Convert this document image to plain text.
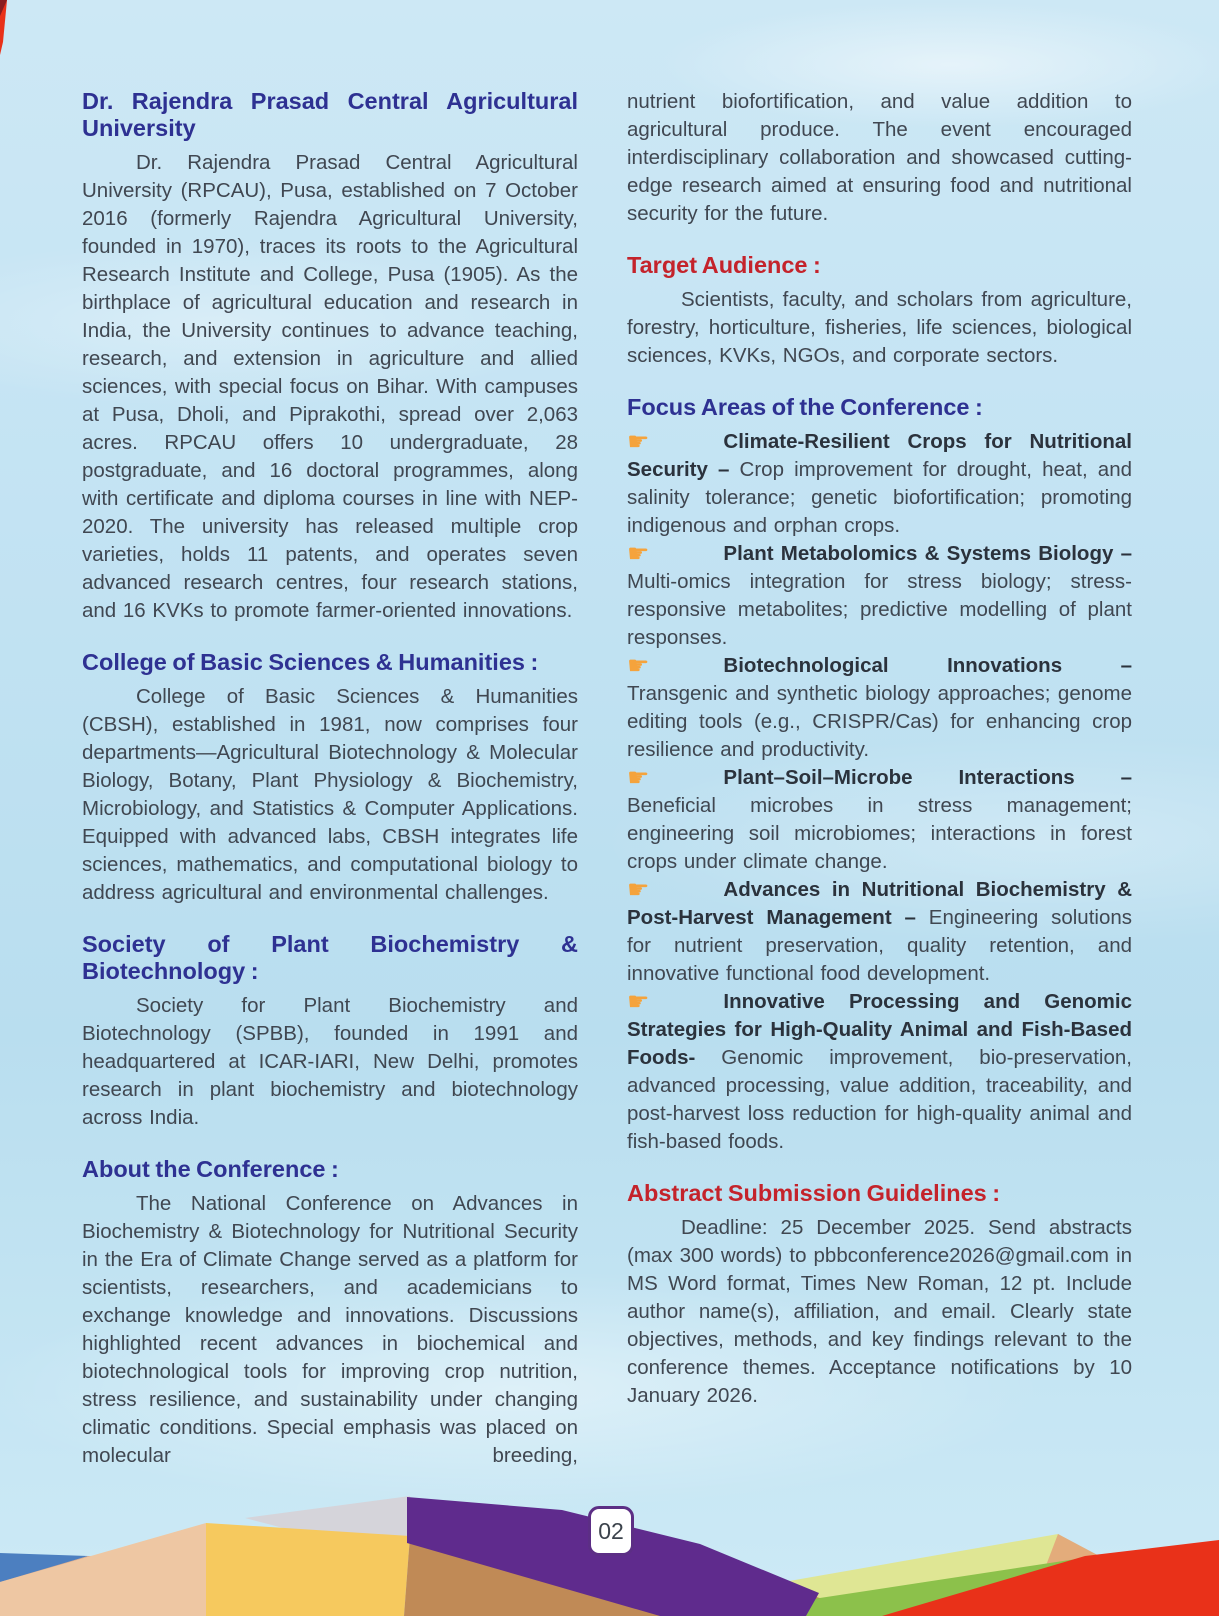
Dr. Rajendra Prasad Central Agricultural University

Dr. Rajendra Prasad Central Agricultural University (RPCAU), Pusa, established on 7 October 2016 (formerly Rajendra Agricultural University, founded in 1970), traces its roots to the Agricultural Research Institute and College, Pusa (1905). As the birthplace of agricultural education and research in India, the University continues to advance teaching, research, and extension in agriculture and allied sciences, with special focus on Bihar. With campuses at Pusa, Dholi, and Piprakothi, spread over 2,063 acres. RPCAU offers 10 undergraduate, 28 postgraduate, and 16 doctoral programmes, along with certificate and diploma courses in line with NEP-2020. The university has released multiple crop varieties, holds 11 patents, and operates seven advanced research centres, four research stations, and 16 KVKs to promote farmer-oriented innovations.

College of Basic Sciences & Humanities :

College of Basic Sciences & Humanities (CBSH), established in 1981, now comprises four departments—Agricultural Biotechnology & Molecular Biology, Botany, Plant Physiology & Biochemistry, Microbiology, and Statistics & Computer Applications. Equipped with advanced labs, CBSH integrates life sciences, mathematics, and computational biology to address agricultural and environmental challenges.

Society of Plant Biochemistry & Biotechnology :

Society for Plant Biochemistry and Biotechnology (SPBB), founded in 1991 and headquartered at ICAR-IARI, New Delhi, promotes research in plant biochemistry and biotechnology across India.

About the Conference :

The National Conference on Advances in Biochemistry & Biotechnology for Nutritional Security in the Era of Climate Change served as a platform for scientists, researchers, and academicians to exchange knowledge and innovations. Discussions highlighted recent advances in biochemical and biotechnological tools for improving crop nutrition, stress resilience, and sustainability under changing climatic conditions. Special emphasis was placed on molecular breeding,

nutrient biofortification, and value addition to agricultural produce. The event encouraged interdisciplinary collaboration and showcased cutting-edge research aimed at ensuring food and nutritional security for the future.

Target Audience :

Scientists, faculty, and scholars from agriculture, forestry, horticulture, fisheries, life sciences, biological sciences, KVKs, NGOs, and corporate sectors.

Focus Areas of the Conference :

☛	Climate-Resilient Crops for Nutritional Security – Crop improvement for drought, heat, and salinity tolerance; genetic biofortification; promoting indigenous and orphan crops.

☛	Plant Metabolomics & Systems Biology – Multi-omics integration for stress biology; stress-responsive metabolites; predictive modelling of plant responses.

☛	Biotechnological Innovations – Transgenic and synthetic biology approaches; genome editing tools (e.g., CRISPR/Cas) for enhancing crop resilience and productivity.

☛	Plant–Soil–Microbe Interactions – Beneficial microbes in stress management; engineering soil microbiomes; interactions in forest crops under climate change.

☛	Advances in Nutritional Biochemistry & Post-Harvest Management – Engineering solutions for nutrient preservation, quality retention, and innovative functional food development.

☛	Innovative Processing and Genomic Strategies for High-Quality Animal and Fish-Based Foods- Genomic improvement, bio-preservation, advanced processing, value addition, traceability, and post-harvest loss reduction for high-quality animal and fish-based foods.

Abstract Submission Guidelines :

Deadline: 25 December 2025. Send abstracts (max 300 words) to pbbconference2026@gmail.com in MS Word format, Times New Roman, 12 pt. Include author name(s), affiliation, and email. Clearly state objectives, methods, and key findings relevant to the conference themes. Acceptance notifications by 10 January 2026.

02
